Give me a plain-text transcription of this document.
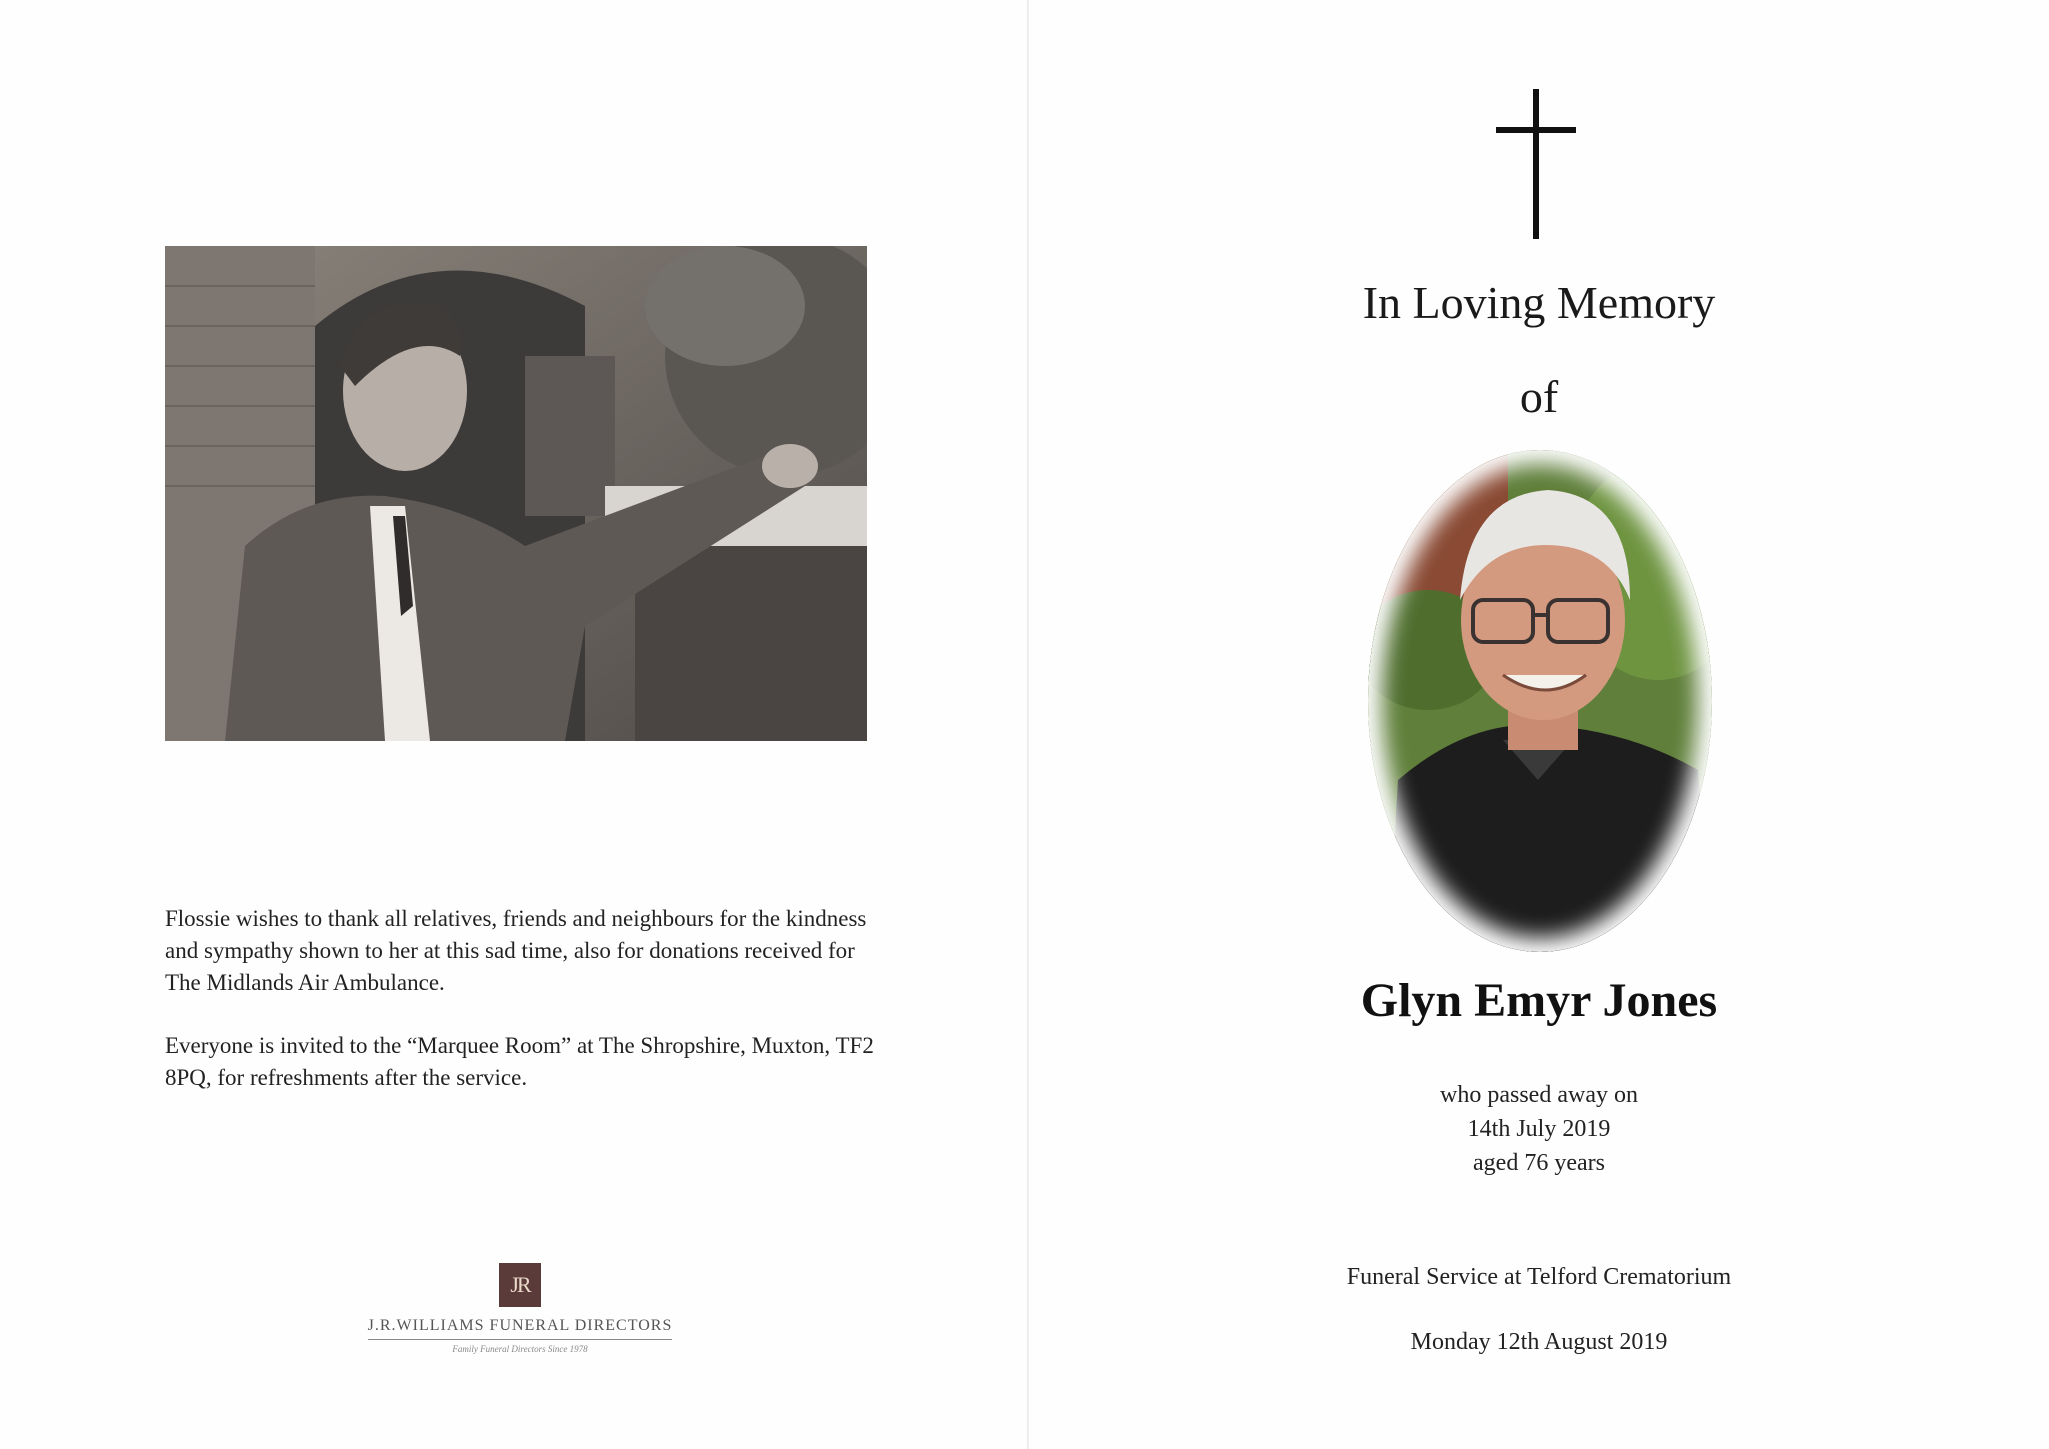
Flossie wishes to thank all relatives, friends and neighbours for the kindness and sympathy shown to her at this sad time, also for donations received for The Midlands Air Ambulance.

Everyone is invited to the “Marquee Room” at The Shropshire, Muxton, TF2 8PQ, for refreshments after the service.

JR
J.R.WILLIAMS FUNERAL DIRECTORS
Family Funeral Directors Since 1978
In Loving Memory
of
Glyn Emyr Jones
who passed away on
14th July 2019
aged 76 years
Funeral Service at Telford Crematorium
Monday 12th August 2019
